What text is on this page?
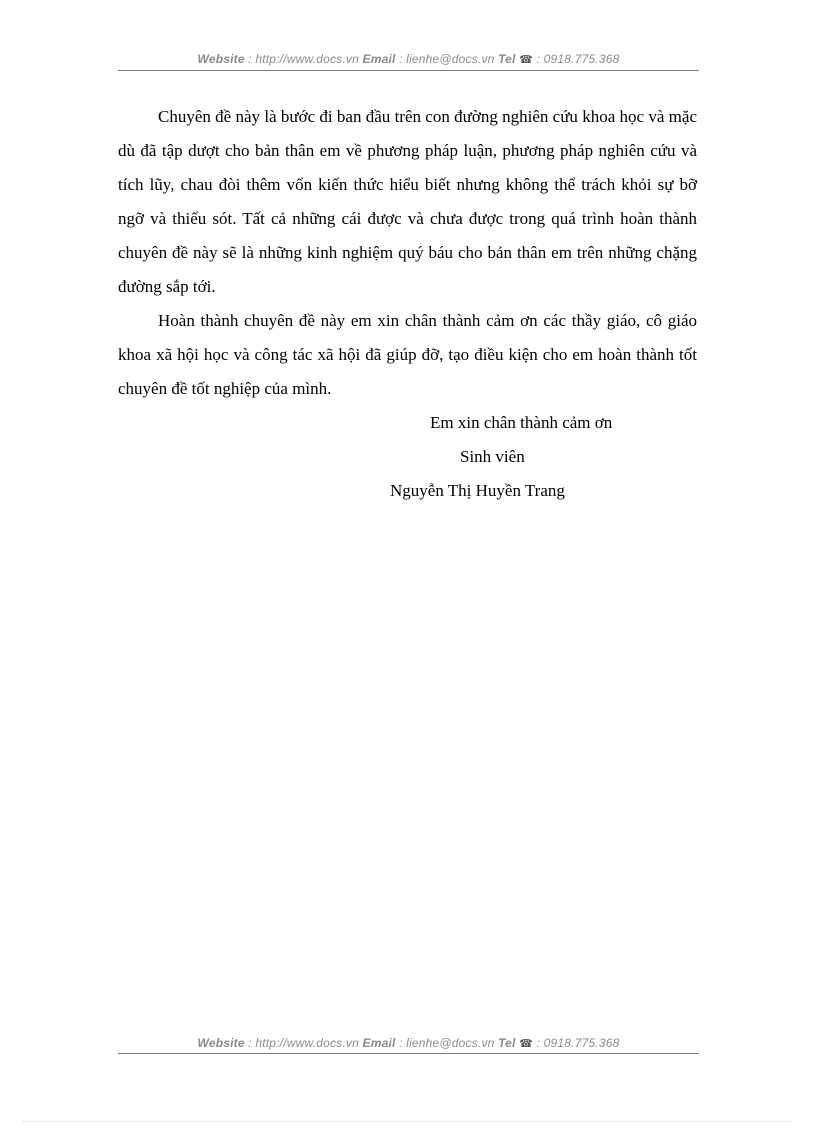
Website : http://www.docs.vn Email : lienhe@docs.vn Tel ☎ : 0918.775.368

Chuyên đề này là bước đi ban đầu trên con đường nghiên cứu khoa học và mặc dù đã tập dượt cho bản thân em về phương pháp luận, phương pháp nghiên cứu và tích lũy, chau đòi thêm vốn kiến thức hiểu biết nhưng không thể trách khỏi sự bỡ ngỡ và thiếu sót. Tất cả những cái được và chưa được trong quá trình hoàn thành chuyên đề này sẽ là những kinh nghiệm quý báu cho bản thân em trên những chặng đường sắp tới.

Hoàn thành chuyên đề này em xin chân thành cảm ơn các thầy giáo, cô giáo khoa xã hội học và công tác xã hội đã giúp đỡ, tạo điều kiện cho em hoàn thành tốt chuyên đề tốt nghiệp của mình.

Em xin chân thành cảm ơn
Sinh viên
Nguyễn Thị Huyền Trang
Website : http://www.docs.vn Email : lienhe@docs.vn Tel ☎ : 0918.775.368
